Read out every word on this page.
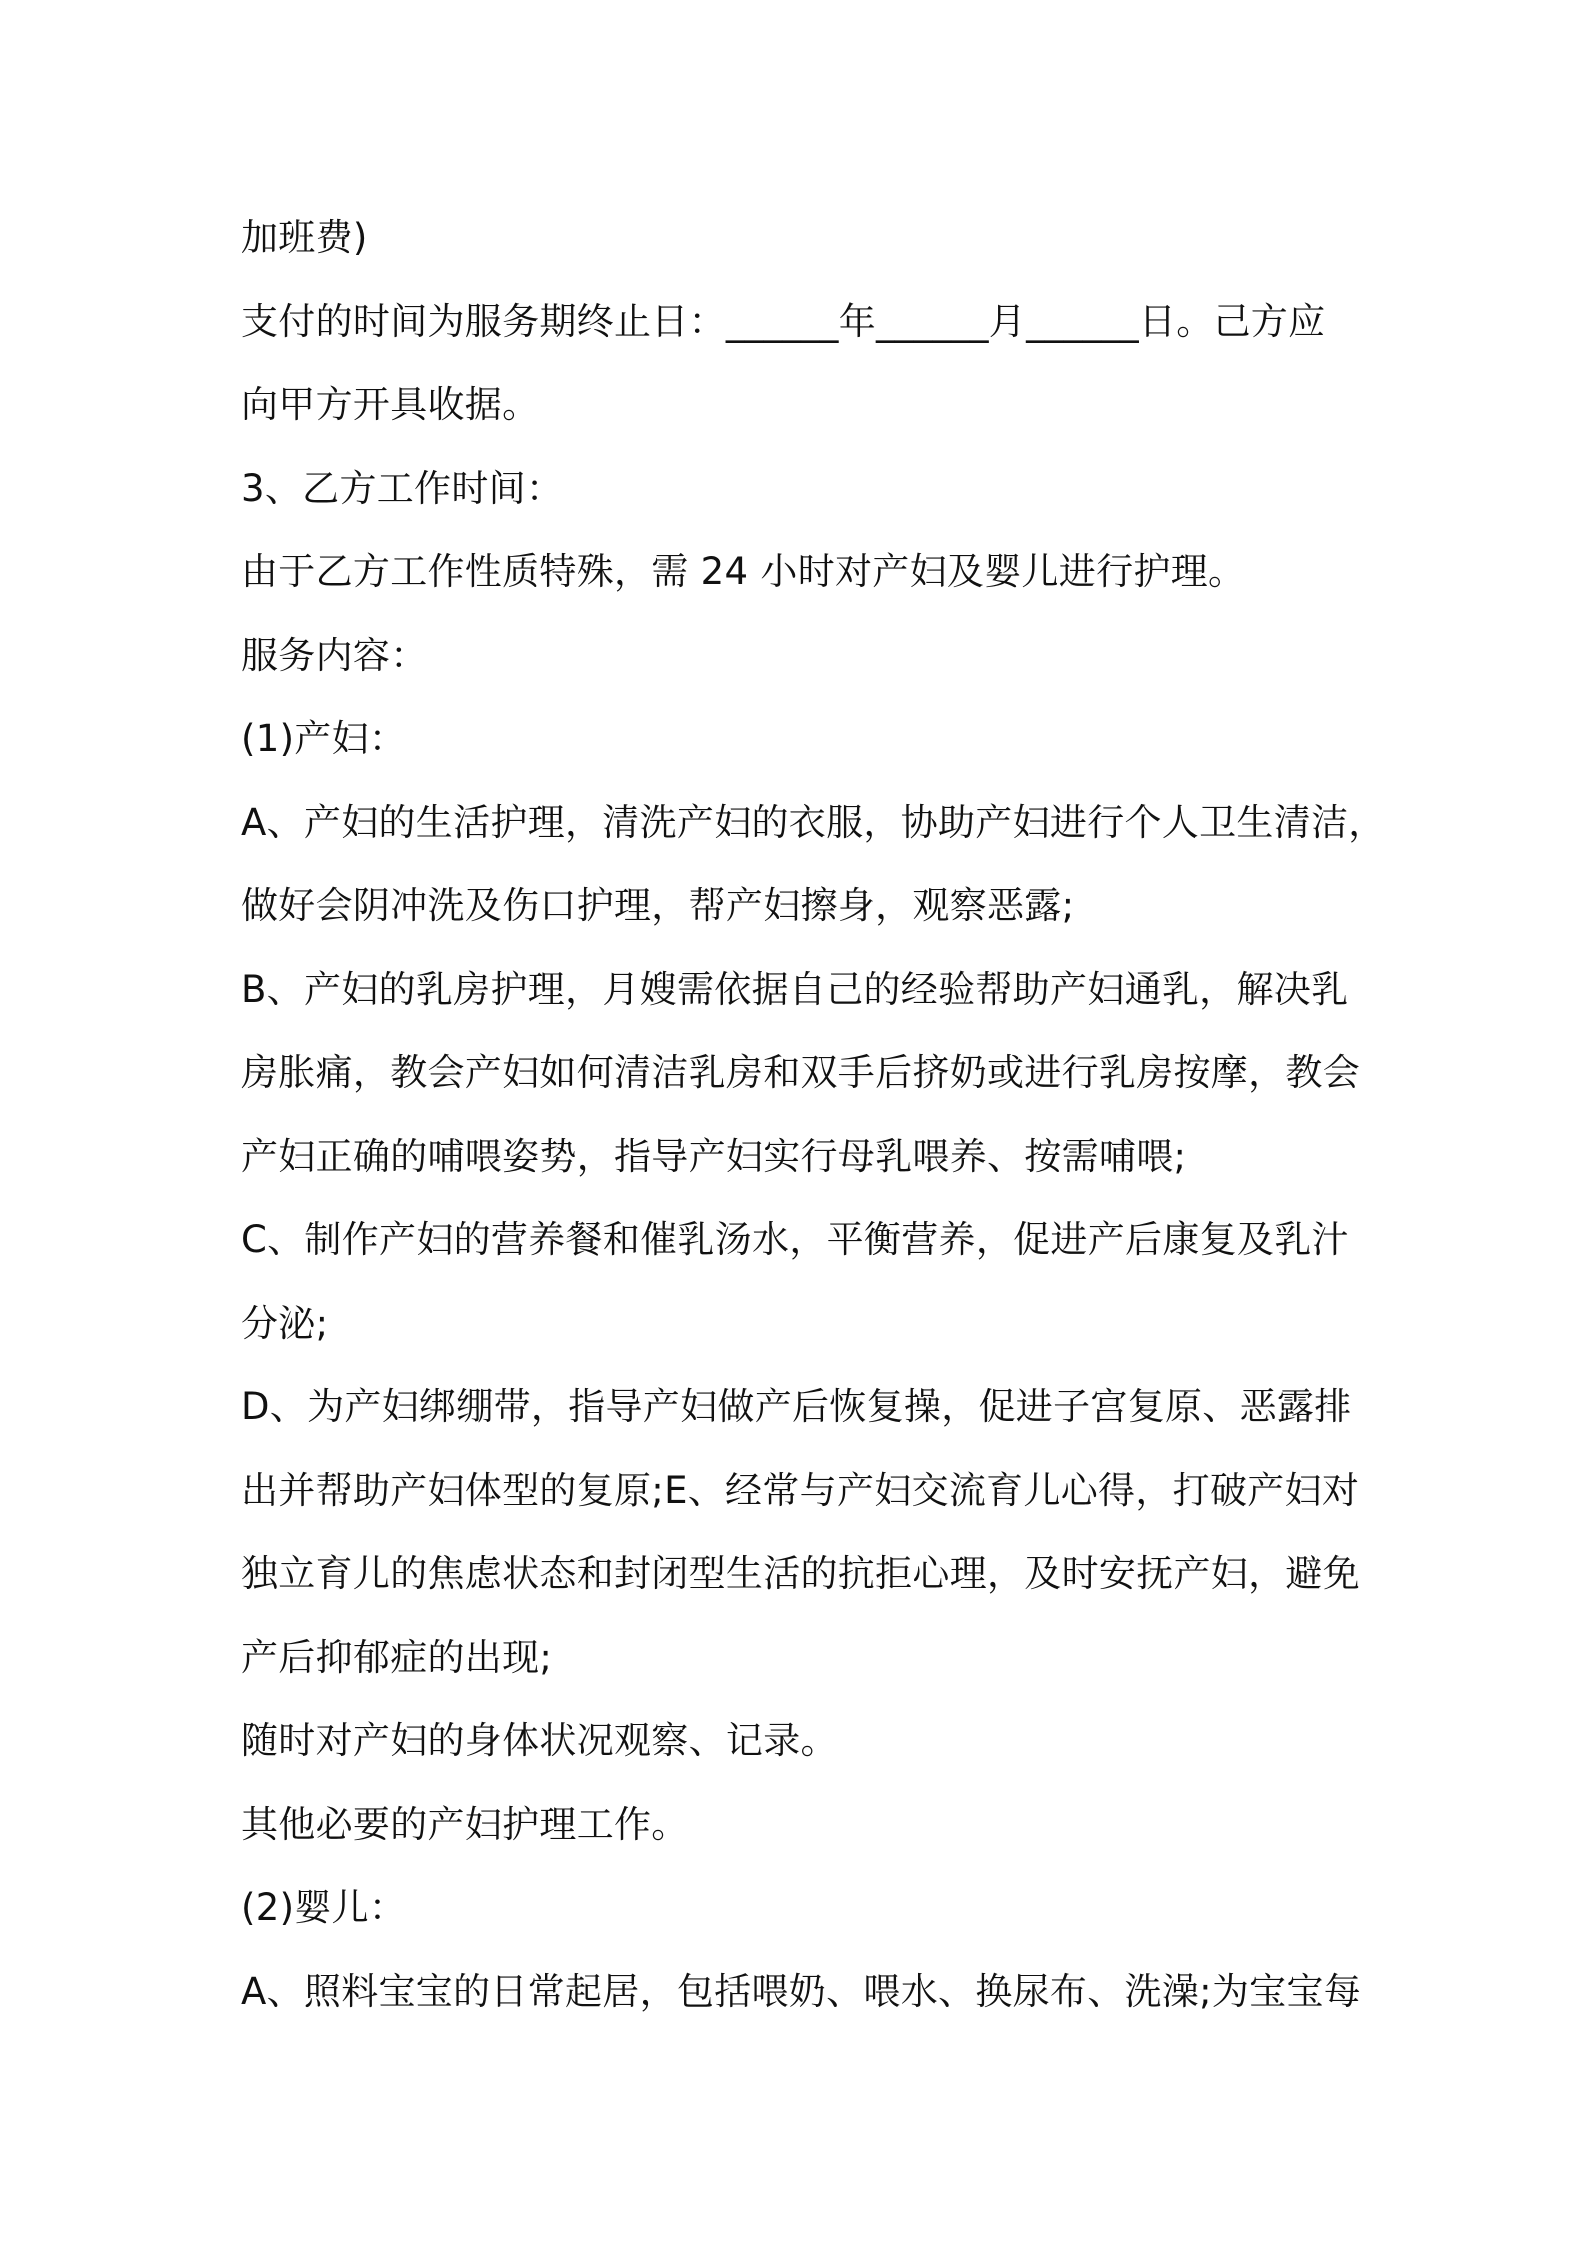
加班费)
支付的时间为服务期终止日：______年______月______日。己方应
向甲方开具收据。
3、乙方工作时间：
由于乙方工作性质特殊，需 24 小时对产妇及婴儿进行护理。
服务内容：
(1)产妇：
A、产妇的生活护理，清洗产妇的衣服，协助产妇进行个人卫生清洁，
做好会阴冲洗及伤口护理，帮产妇擦身，观察恶露;
B、产妇的乳房护理，月嫂需依据自己的经验帮助产妇通乳，解决乳
房胀痛，教会产妇如何清洁乳房和双手后挤奶或进行乳房按摩，教会
产妇正确的哺喂姿势，指导产妇实行母乳喂养、按需哺喂;
C、制作产妇的营养餐和催乳汤水，平衡营养，促进产后康复及乳汁
分泌;
D、为产妇绑绷带，指导产妇做产后恢复操，促进子宫复原、恶露排
出并帮助产妇体型的复原;E、经常与产妇交流育儿心得，打破产妇对
独立育儿的焦虑状态和封闭型生活的抗拒心理，及时安抚产妇，避免
产后抑郁症的出现;
随时对产妇的身体状况观察、记录。
其他必要的产妇护理工作。
(2)婴儿：
A、照料宝宝的日常起居，包括喂奶、喂水、换尿布、洗澡;为宝宝每
